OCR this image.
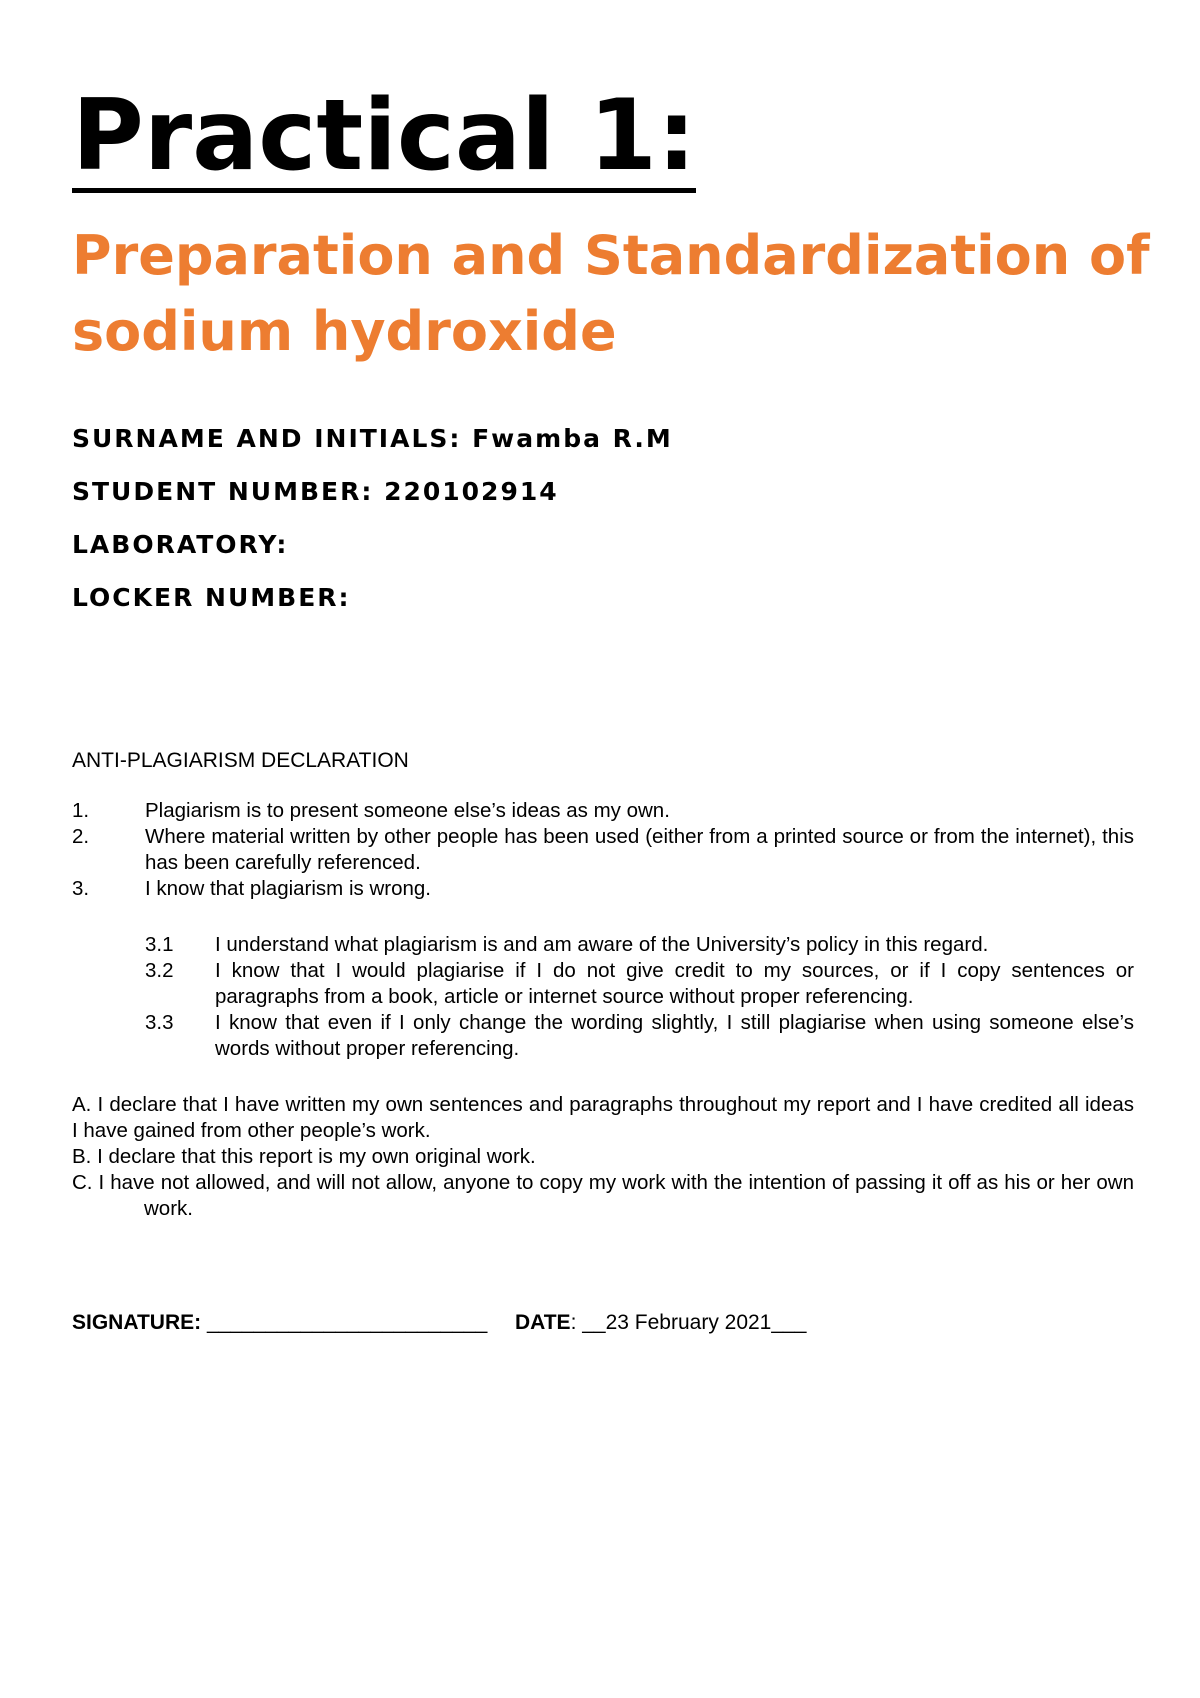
Practical 1:
Preparation and Standardization of sodium hydroxide
SURNAME AND INITIALS: Fwamba R.M
STUDENT NUMBER: 220102914
LABORATORY:
LOCKER NUMBER:

ANTI-PLAGIARISM DECLARATION

1.	Plagiarism is to present someone else’s ideas as my own.
2.	Where material written by other people has been used (either from a printed source or from the internet), this has been carefully referenced.
3.	I know that plagiarism is wrong.
3.1 I understand what plagiarism is and am aware of the University’s policy in this regard.
3.2 I know that I would plagiarise if I do not give credit to my sources, or if I copy sentences or paragraphs from a book, article or internet source without proper referencing.
3.3 I know that even if I only change the wording slightly, I still plagiarise when using someone else’s words without proper referencing.

A. I declare that I have written my own sentences and paragraphs throughout my report and I have credited all ideas I have gained from other people’s work.

B. I declare that this report is my own original work.

C. I have not allowed, and will not allow, anyone to copy my work with the intention of passing it off as his or her own work.

SIGNATURE: ________________________ DATE: __23 February 2021___
